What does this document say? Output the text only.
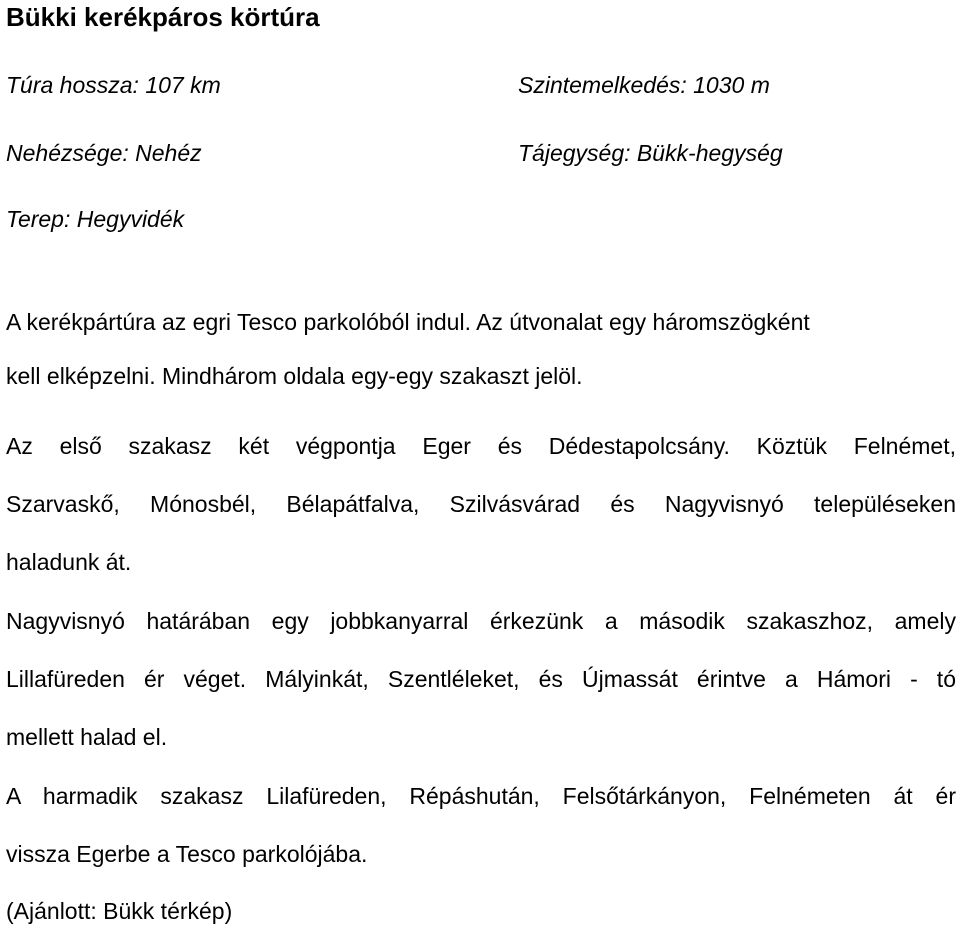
Bükki kerékpáros körtúra
Túra hossza: 107 km	Szintemelkedés: 1030 m
Nehézsége: Nehéz	Tájegység: Bükk-hegység
Terep: Hegyvidék
A kerékpártúra az egri Tesco parkolóból indul. Az útvonalat egy háromszögként
kell elképzelni. Mindhárom oldala egy-egy szakaszt jelöl.
Az első szakasz két végpontja Eger és Dédestapolcsány. Köztük Felnémet,
Szarvaskő, Mónosbél, Bélapátfalva, Szilvásvárad és Nagyvisnyó településeken
haladunk át.
Nagyvisnyó határában egy jobbkanyarral érkezünk a második szakaszhoz, amely
Lillafüreden ér véget. Mályinkát, Szentléleket, és Újmassát érintve a Hámori - tó
mellett halad el.
A harmadik szakasz Lilafüreden, Répáshután, Felsőtárkányon, Felnémeten át ér
vissza Egerbe a Tesco parkolójába.
(Ajánlott: Bükk térkép)
